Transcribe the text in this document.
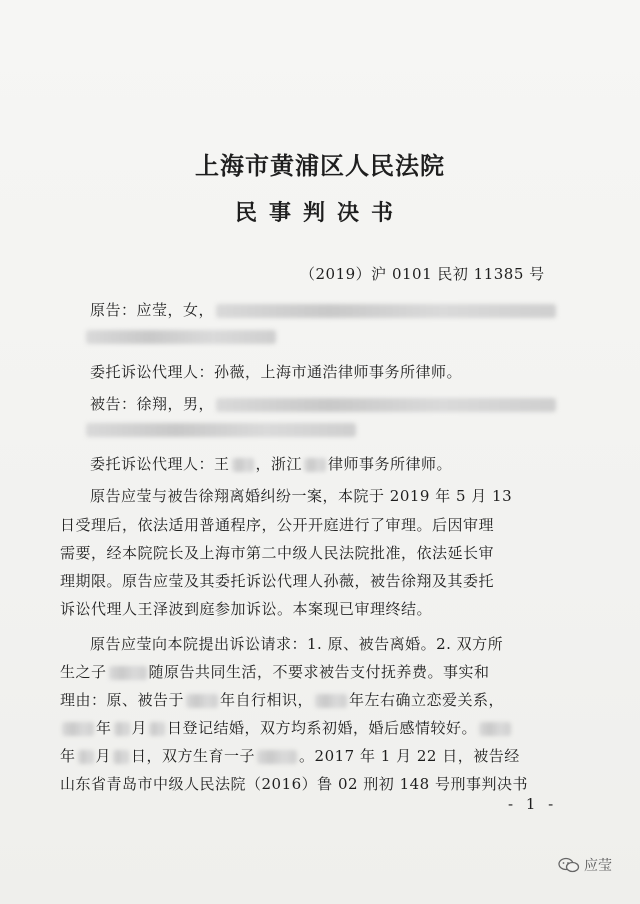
上海市黄浦区人民法院
民事判决书
（2019）沪 0101 民初 11385 号
原告：应莹，女，
委托诉讼代理人：孙薇，上海市通浩律师事务所律师。
被告：徐翔，男，
委托诉讼代理人：王 ，浙江 律师事务所律师。
原告应莹与被告徐翔离婚纠纷一案，本院于 2019 年 5 月 13
日受理后，依法适用普通程序，公开开庭进行了审理。后因审理
需要，经本院院长及上海市第二中级人民法院批准，依法延长审
理期限。原告应莹及其委托诉讼代理人孙薇，被告徐翔及其委托
诉讼代理人王泽波到庭参加诉讼。本案现已审理终结。
原告应莹向本院提出诉讼请求：1. 原、被告离婚。2. 双方所
生之子	随原告共同生活，不要求被告支付抚养费。事实和
理由：原、被告于 年自行相识， 年左右确立恋爱关系，
年 月 日登记结婚，双方均系初婚，婚后感情较好。
年 月 日，双方生育一子	。2017 年 1 月 22 日，被告经
山东省青岛市中级人民法院（2016）鲁 02 刑初 148 号刑事判决书
- 1 -
应莹
